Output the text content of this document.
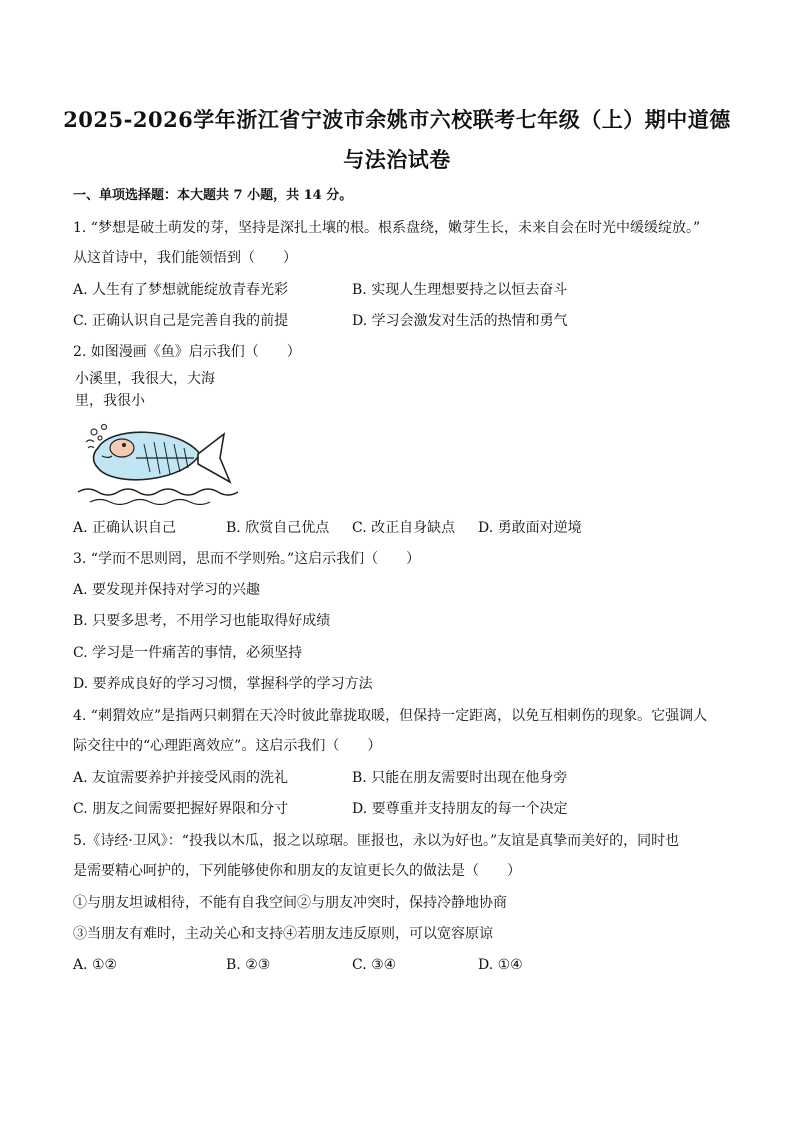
2025-2026学年浙江省宁波市余姚市六校联考七年级（上）期中道德
与法治试卷
一、单项选择题：本大题共 7 小题，共 14 分。
1. “梦想是破土萌发的芽，坚持是深扎土壤的根。根系盘绕，嫩芽生长，未来自会在时光中缓缓绽放。”
从这首诗中，我们能领悟到（　　）
A. 人生有了梦想就能绽放青春光彩	B. 实现人生理想要持之以恒去奋斗
C. 正确认识自己是完善自我的前提	D. 学习会激发对生活的热情和勇气
2. 如图漫画《鱼》启示我们（　　）
小溪里，我很大，大海
里，我很小
A. 正确认识自己	B. 欣赏自己优点 C. 改正自身缺点 D. 勇敢面对逆境
3. “学而不思则罔，思而不学则殆。”这启示我们（　　）
A. 要发现并保持对学习的兴趣
B. 只要多思考，不用学习也能取得好成绩
C. 学习是一件痛苦的事情，必须坚持
D. 要养成良好的学习习惯，掌握科学的学习方法
4. “刺猬效应”是指两只刺猬在天冷时彼此靠拢取暖，但保持一定距离，以免互相刺伤的现象。它强调人
际交往中的“心理距离效应”。这启示我们（　　）
A. 友谊需要养护并接受风雨的洗礼	B. 只能在朋友需要时出现在他身旁
C. 朋友之间需要把握好界限和分寸	D. 要尊重并支持朋友的每一个决定
5.《诗经·卫风》：“投我以木瓜，报之以琼琚。匪报也，永以为好也。”友谊是真挚而美好的，同时也
是需要精心呵护的，下列能够使你和朋友的友谊更长久的做法是（　　）
①与朋友坦诚相待，不能有自我空间②与朋友冲突时，保持冷静地协商
③当朋友有难时，主动关心和支持④若朋友违反原则，可以宽容原谅
A. ①②	B. ②③	C. ③④	D. ①④
